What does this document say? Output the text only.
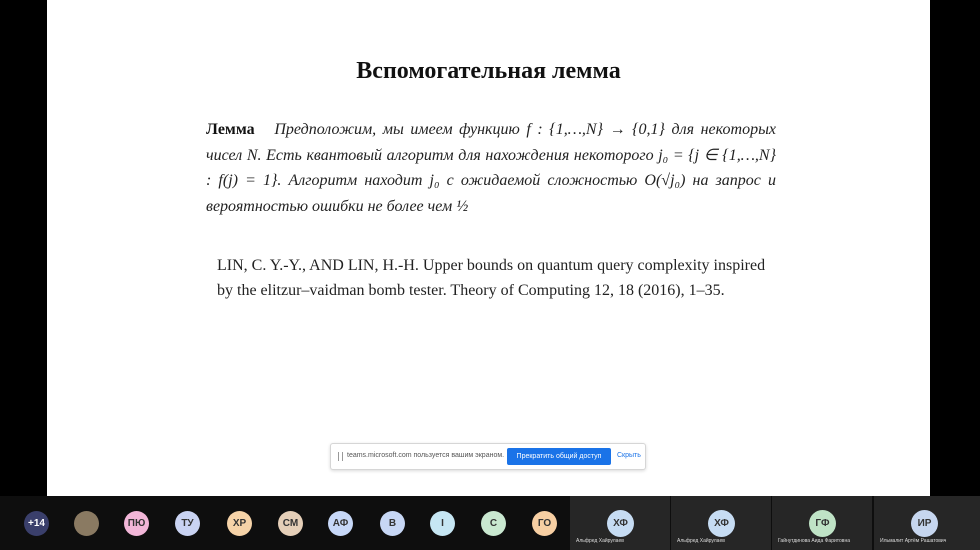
Вспомогательная лемма
Лемма Предположим, мы имеем функцию f : {1,…,N} → {0,1} для некоторых чисел N. Есть квантовый алгоритм для нахождения некоторого j₀ = {j ∈ {1,…,N} : f(j) = 1}. Алгоритм находит j₀ с ожидаемой сложностью O(√j₀) на запрос и вероятностью ошибки не более чем ½
LIN, C. Y.-Y., AND LIN, H.-H. Upper bounds on quantum query complexity inspired by the elitzur–vaidman bomb tester. Theory of Computing 12, 18 (2016), 1–35.
teams.microsoft.com пользуется вашим экраном.	Прекратить общий доступ	Скрыть
+14	ПЮ	ТУ	ХР	СМ	АФ	В	І	С	ГО	ХФ
Альфред Хайрулаев
ХФ
Альфред Хайрулаев
ГФ
Гайнутдинова Аида Фаритовна
ИР
Ильмалит Артём Рашатович
